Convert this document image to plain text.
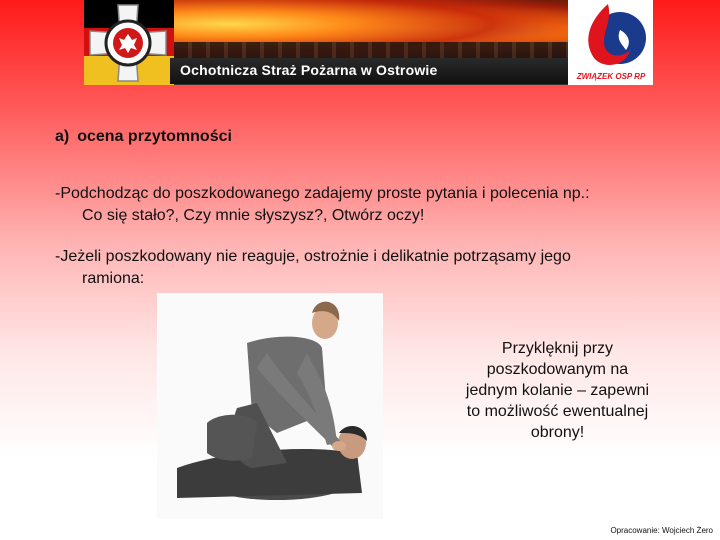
Ochotnicza Straż Pożarna w Ostrowie	ZWIĄZEK OSP RP
a) ocena przytomności
-Podchodząc do poszkodowanego zadajemy proste pytania i polecenia np.:
Co się stało?, Czy mnie słyszysz?, Otwórz oczy!
-Jeżeli poszkodowany nie reaguje, ostrożnie i delikatnie potrząsamy jego
ramiona:
Przyklęknij przy
poszkodowanym na
jednym kolanie – zapewni
to możliwość ewentualnej
obrony!
Opracowanie: Wojciech Żero
